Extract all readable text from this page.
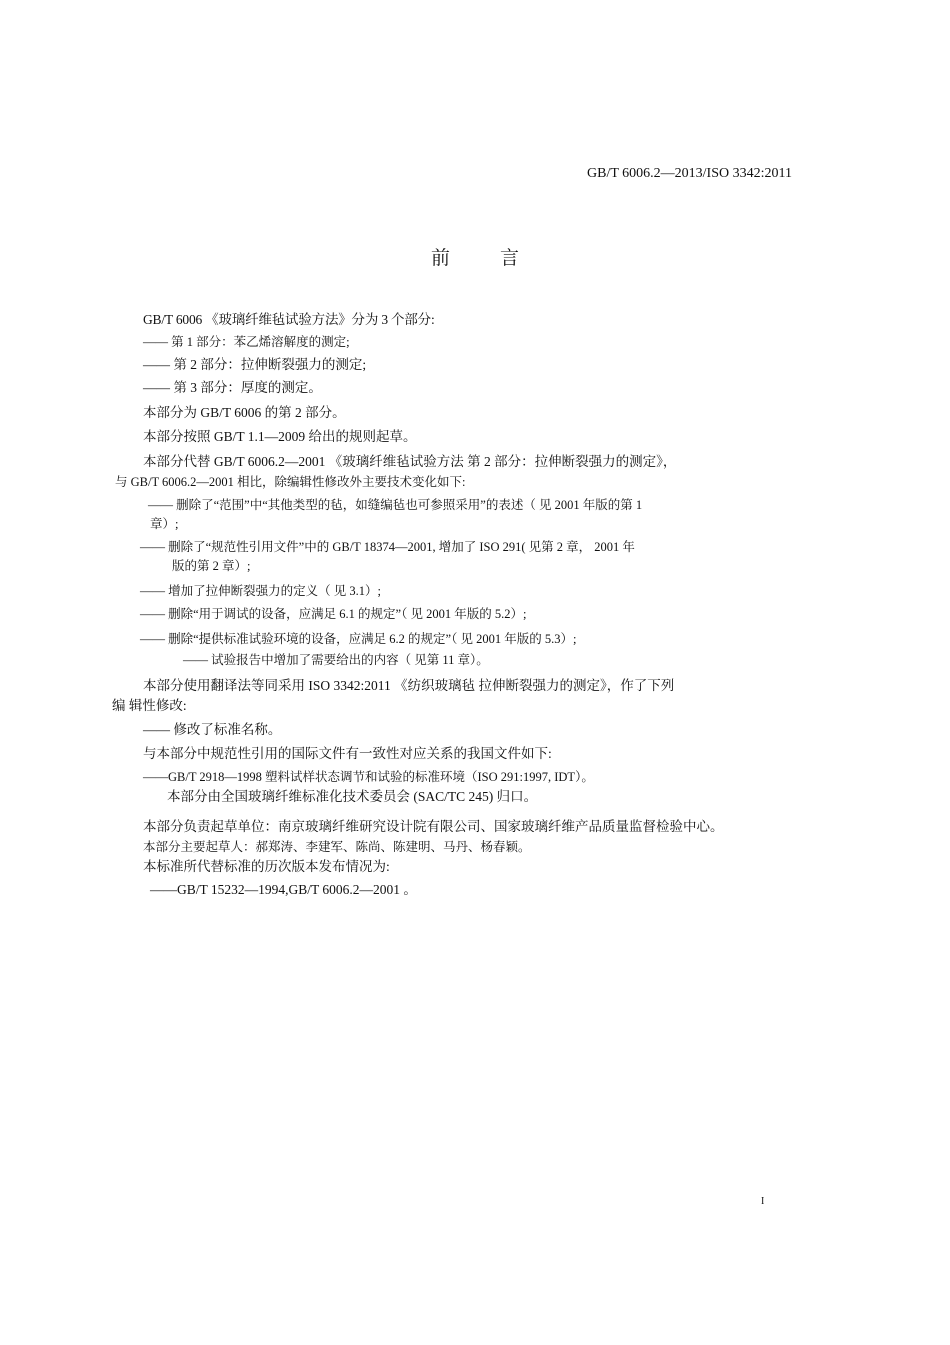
GB/T 6006.2—2013/ISO 3342:2011
前言
GB/T 6006 《玻璃纤维毡试验方法》分为 3 个部分:
—— 第 1 部分：苯乙烯溶解度的测定;
—— 第 2 部分：拉伸断裂强力的测定;
—— 第 3 部分：厚度的测定。
本部分为 GB/T 6006 的第 2 部分。
本部分按照 GB/T 1.1—2009 给出的规则起草。
本部分代替 GB/T 6006.2—2001 《玻璃纤维毡试验方法 第 2 部分：拉伸断裂强力的测定》，
与 GB/T 6006.2—2001 相比，除编辑性修改外主要技术变化如下:
—— 删除了“范围”中“其他类型的毡，如缝编毡也可参照采用”的表述（ 见 2001 年版的第 1
章）;
—— 删除了“规范性引用文件”中的 GB/T 18374—2001, 增加了 ISO 291( 见第 2 章， 2001 年
版的第 2 章）;
—— 增加了拉伸断裂强力的定义（ 见 3.1）;
—— 删除“用于调试的设备，应满足 6.1 的规定”（ 见 2001 年版的 5.2）;
—— 删除“提供标准试验环境的设备，应满足 6.2 的规定”（ 见 2001 年版的 5.3）;
—— 试验报告中增加了需要给出的内容（ 见第 11 章）。
本部分使用翻译法等同采用 ISO 3342:2011 《纺织玻璃毡 拉伸断裂强力的测定》，作了下列
编 辑性修改:
—— 修改了标准名称。
与本部分中规范性引用的国际文件有一致性对应关系的我国文件如下:
——GB/T 2918—1998 塑料试样状态调节和试验的标准环境（ISO 291:1997, IDT）。
本部分由全国玻璃纤维标准化技术委员会 (SAC/TC 245) 归口。
本部分负责起草单位：南京玻璃纤维研究设计院有限公司、国家玻璃纤维产品质量监督检验中心。
本部分主要起草人：郝郑涛、李建军、陈尚、陈建明、马丹、杨春颖。
本标准所代替标准的历次版本发布情况为:
——GB/T 15232—1994,GB/T 6006.2—2001 。
I
